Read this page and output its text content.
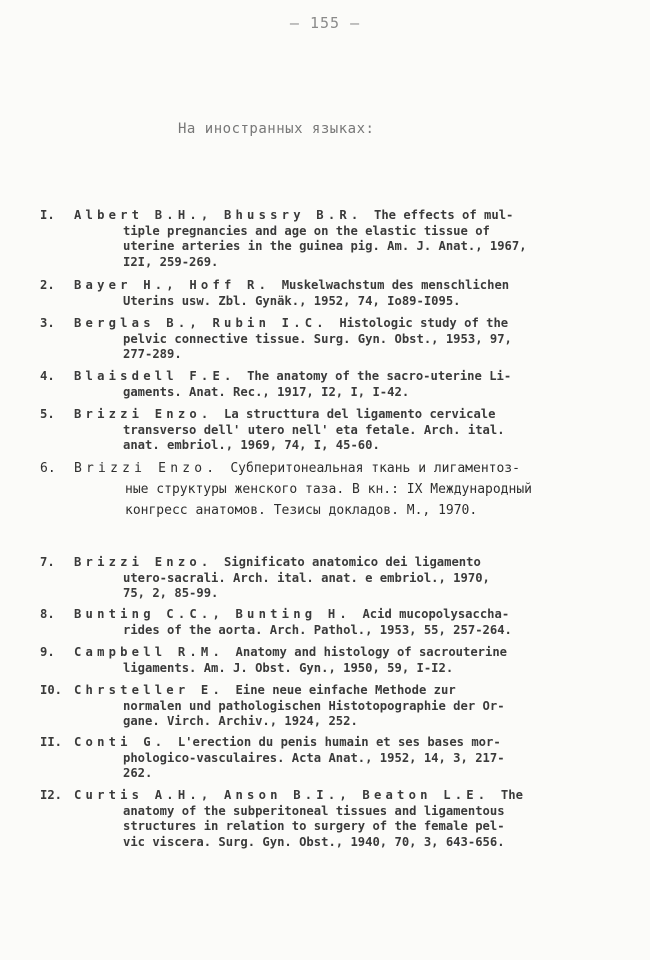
— 155 —
На иностранных языках:
I. Albert B.H., Bhussry B.R. The effects of mul-
tiple pregnancies and age on the elastic tissue of
uterine arteries in the guinea pig. Am. J. Anat., 1967,
I2I, 259-269.
2. Bayer H., Hoff R. Muskelwachstum des menschlichen
Uterins usw. Zbl. Gynäk., 1952, 74, Io89-I095.
3. Berglas B., Rubin I.C. Histologic study of the
pelvic connective tissue. Surg. Gyn. Obst., 1953, 97,
277-289.
4. Blaisdell F.E. The anatomy of the sacro-uterine Li-
gaments. Anat. Rec., 1917, I2, I, I-42.
5. Brizzi Enzo. La structtura del ligamento cervicale
transverso dell' utero nell' eta fetale. Arch. ital.
anat. embriol., 1969, 74, I, 45-60.
6. Brizzi Enzo. Субперитонеальная ткань и лигаментоз-
ные структуры женского таза. В кн.: IX Международный
конгресс анатомов. Тезисы докладов. М., 1970.
7. Brizzi Enzo. Significato anatomico dei ligamento
utero-sacrali. Arch. ital. anat. e embriol., 1970,
75, 2, 85-99.
8. Bunting C.C., Bunting H. Acid mucopolysaccha-
rides of the aorta. Arch. Pathol., 1953, 55, 257-264.
9. Campbell R.M. Anatomy and histology of sacrouterine
ligaments. Am. J. Obst. Gyn., 1950, 59, I-I2.
I0. Chrsteller E. Eine neue einfache Methode zur
normalen und pathologischen Histotopographie der Or-
gane. Virch. Archiv., 1924, 252.
II. Conti G. L'erection du penis humain et ses bases mor-
phologico-vasculaires. Acta Anat., 1952, 14, 3, 217-
262.
I2. Curtis A.H., Anson B.I., Beaton L.E. The
anatomy of the subperitoneal tissues and ligamentous
structures in relation to surgery of the female pel-
vic viscera. Surg. Gyn. Obst., 1940, 70, 3, 643-656.
